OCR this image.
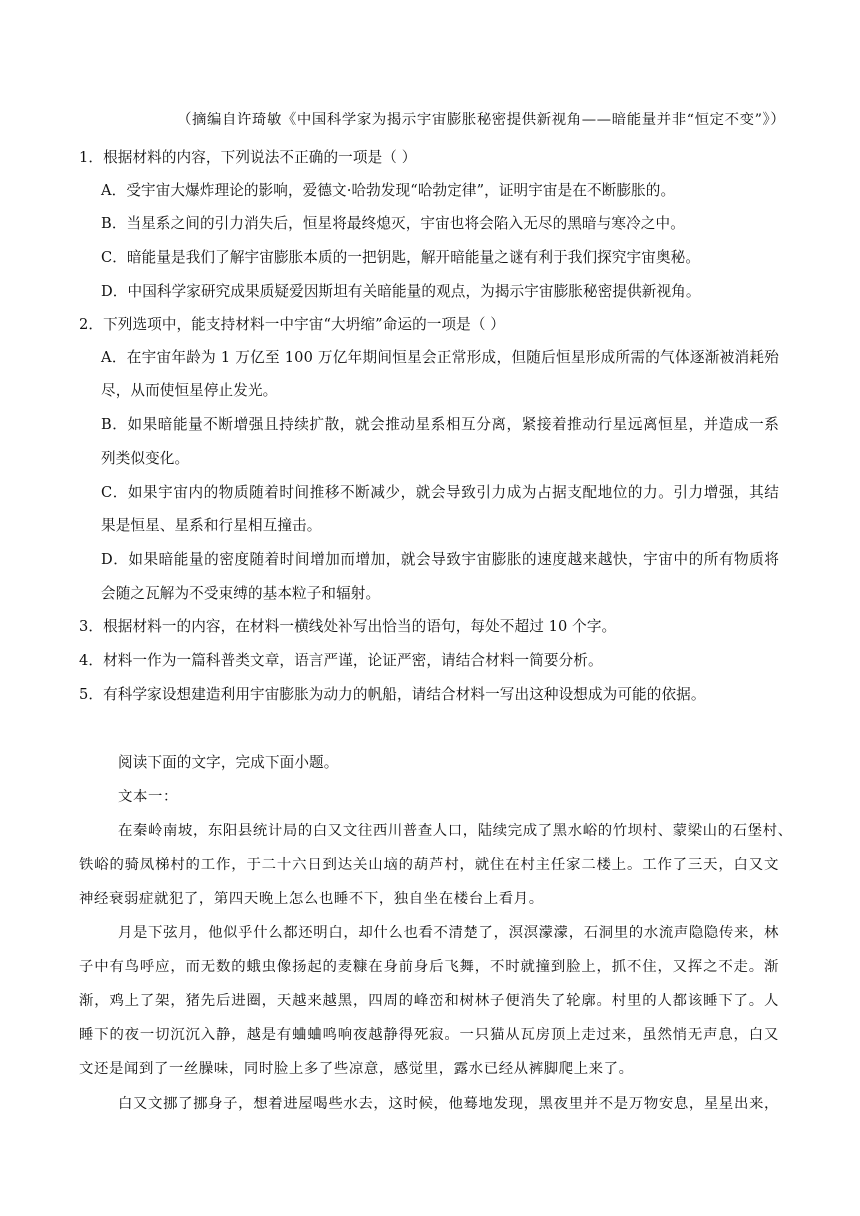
（摘编自许琦敏《中国科学家为揭示宇宙膨胀秘密提供新视角——暗能量并非“恒定不变”》）
1．根据材料的内容，下列说法不正确的一项是（ ）
A．受宇宙大爆炸理论的影响，爱德文·哈勃发现“哈勃定律”，证明宇宙是在不断膨胀的。
B．当星系之间的引力消失后，恒星将最终熄灭，宇宙也将会陷入无尽的黑暗与寒冷之中。
C．暗能量是我们了解宇宙膨胀本质的一把钥匙，解开暗能量之谜有利于我们探究宇宙奥秘。
D．中国科学家研究成果质疑爱因斯坦有关暗能量的观点，为揭示宇宙膨胀秘密提供新视角。
2．下列选项中，能支持材料一中宇宙“大坍缩”命运的一项是（ ）
A．在宇宙年龄为 1 万亿至 100 万亿年期间恒星会正常形成，但随后恒星形成所需的气体逐渐被消耗殆
尽，从而使恒星停止发光。
B．如果暗能量不断增强且持续扩散，就会推动星系相互分离，紧接着推动行星远离恒星，并造成一系
列类似变化。
C．如果宇宙内的物质随着时间推移不断减少，就会导致引力成为占据支配地位的力。引力增强，其结
果是恒星、星系和行星相互撞击。
D．如果暗能量的密度随着时间增加而增加，就会导致宇宙膨胀的速度越来越快，宇宙中的所有物质将
会随之瓦解为不受束缚的基本粒子和辐射。
3．根据材料一的内容，在材料一横线处补写出恰当的语句，每处不超过 10 个字。
4．材料一作为一篇科普类文章，语言严谨，论证严密，请结合材料一简要分析。
5．有科学家设想建造利用宇宙膨胀为动力的帆船，请结合材料一写出这种设想成为可能的依据。
阅读下面的文字，完成下面小题。
文本一：
在秦岭南坡，东阳县统计局的白又文往西川普查人口，陆续完成了黑水峪的竹坝村、蒙梁山的石堡村、
铁峪的骑凤梯村的工作，于二十六日到达关山垴的葫芦村，就住在村主任家二楼上。工作了三天，白又文
神经衰弱症就犯了，第四天晚上怎么也睡不下，独自坐在楼台上看月。
月是下弦月，他似乎什么都还明白，却什么也看不清楚了，溟溟濛濛，石洞里的水流声隐隐传来，林
子中有鸟呼应，而无数的蛾虫像扬起的麦糠在身前身后飞舞，不时就撞到脸上，抓不住，又挥之不走。渐
渐，鸡上了架，猪先后进圈，天越来越黑，四周的峰峦和树林子便消失了轮廓。村里的人都该睡下了。人
睡下的夜一切沉沉入静，越是有蛐蛐鸣响夜越静得死寂。一只猫从瓦房顶上走过来，虽然悄无声息，白又
文还是闻到了一丝臊味，同时脸上多了些凉意，感觉里，露水已经从裤脚爬上来了。
白又文挪了挪身子，想着进屋喝些水去，这时候，他蓦地发现，黑夜里并不是万物安息，星星出来，
